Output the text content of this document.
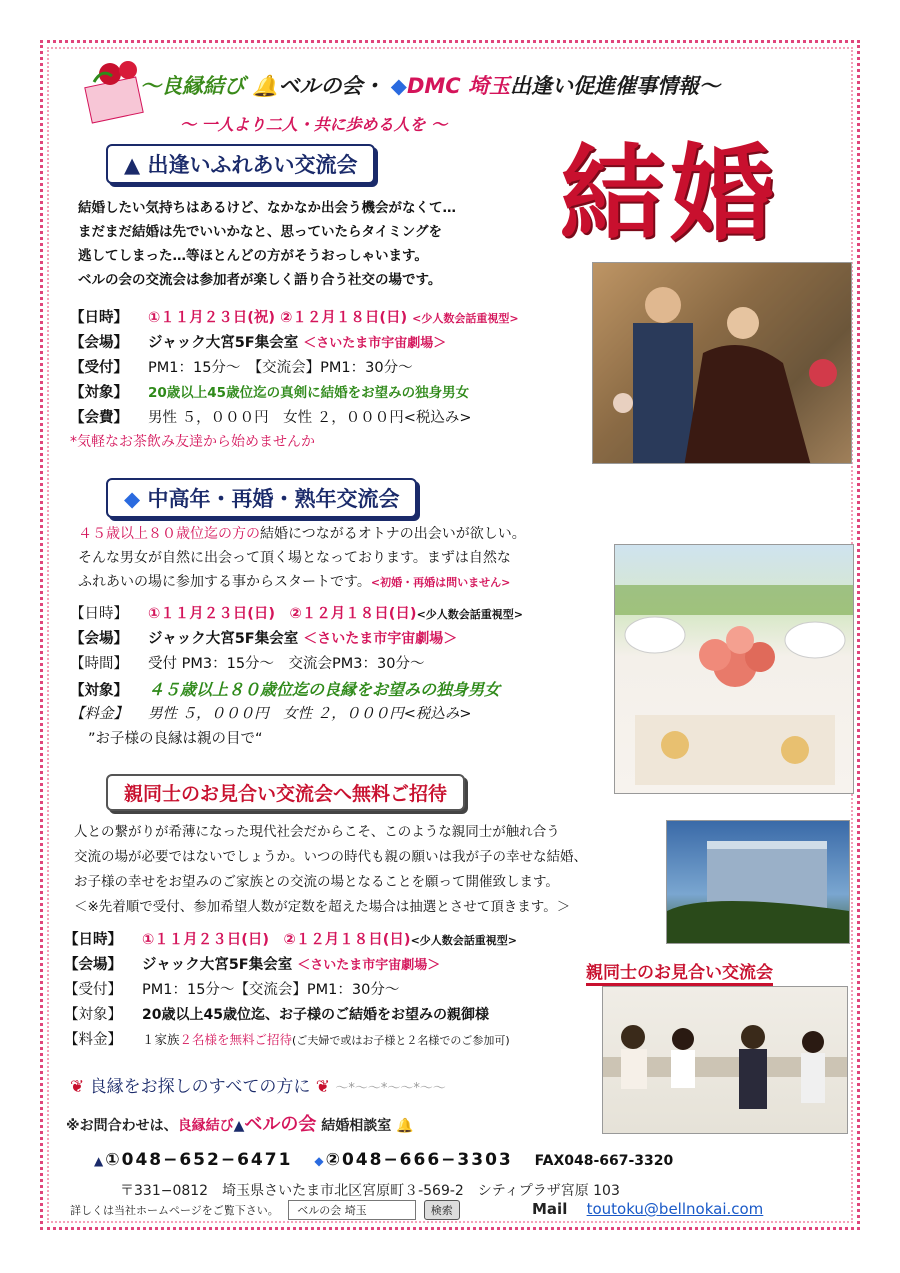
〜良縁結び 🔔ベルの会・ ◆DMC 埼玉出逢い促進催事情報〜
〜 一人より二人・共に歩める人を 〜
結婚
▲ 出逢いふれあい交流会
結婚したい気持ちはあるけど、なかなか出会う機会がなくて…
まだまだ結婚は先でいいかなと、思っていたらタイミングを
逃してしまった…等ほとんどの方がそうおっしゃいます。
ベルの会の交流会は参加者が楽しく語り合う社交の場です。
【日時】 ①１１月２３日(祝) ②１２月１８日(日) <少人数会話重視型>
【会場】 ジャック大宮5F集会室 ＜さいたま市宇宙劇場＞
【受付】 PM1：15分〜　【交流会】PM1：30分〜
【対象】 20歳以上45歳位迄の真剣に結婚をお望みの独身男女
【会費】 男性 ５，０００円　女性 ２，０００円<税込み>
*気軽なお茶飲み友達から始めませんか
◆ 中高年・再婚・熟年交流会
４５歳以上８０歳位迄の方の結婚につながるオトナの出会いが欲しい。
そんな男女が自然に出会って頂く場となっております。まずは自然な
ふれあいの場に参加する事からスタートです。<初婚・再婚は問いません>
【日時】 ①１１月２３日(日)　②１２月１８日(日)<少人数会話重視型>
【会場】 ジャック大宮5F集会室 ＜さいたま市宇宙劇場＞
【時間】 受付 PM3：15分〜　交流会PM3：30分〜
【対象】 ４５歳以上８０歳位迄の良縁をお望みの独身男女
【料金】 男性 ５，０００円　女性 ２，０００円<税込み>
”お子様の良縁は親の目で“
親同士のお見合い交流会へ無料ご招待
人との繋がりが希薄になった現代社会だからこそ、このような親同士が触れ合う
交流の場が必要ではないでしょうか。いつの時代も親の願いは我が子の幸せな結婚、
お子様の幸せをお望みのご家族との交流の場となることを願って開催致します。
＜※先着順で受付、参加希望人数が定数を超えた場合は抽選とさせて頂きます。＞
【日時】 ①１１月２３日(日)　②１２月１８日(日)<少人数会話重視型>
【会場】 ジャック大宮5F集会室 ＜さいたま市宇宙劇場＞
【受付】 PM1：15分〜【交流会】PM1：30分〜
【対象】 20歳以上45歳位迄、お子様のご結婚をお望みの親御様
【料金】 １家族２名様を無料ご招待(ご夫婦で或はお子様と２名様でのご参加可)
親同士のお見合い交流会
❦ 良縁をお探しのすべての方に ❦ 〜*〜〜*〜〜*〜〜
※お問合わせは、良縁結び▲ベルの会 結婚相談室 🔔
▲①048−652−6471 ◆②048−666−3303 FAX048-667-3320
〒331−0812　埼玉県さいたま市北区宮原町３-569-2　シティプラザ宮原 103
詳しくは当社ホームページをご覧下さい。 ベルの会 埼玉	検索	Mail toutoku@bellnokai.com
